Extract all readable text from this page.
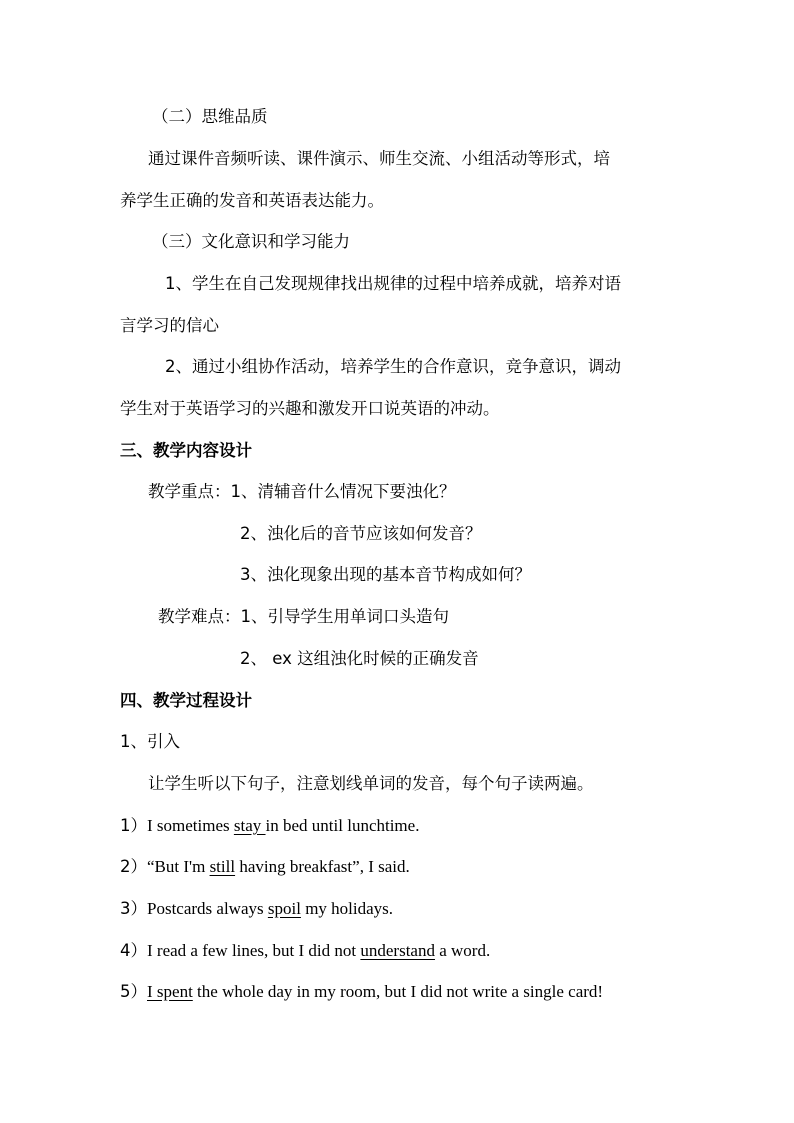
（二）思维品质
通过课件音频听读、课件演示、师生交流、小组活动等形式，培
养学生正确的发音和英语表达能力。
（三）文化意识和学习能力
1、学生在自己发现规律找出规律的过程中培养成就，培养对语
言学习的信心
2、通过小组协作活动，培养学生的合作意识，竞争意识，调动
学生对于英语学习的兴趣和激发开口说英语的冲动。
三、教学内容设计
教学重点：1、清辅音什么情况下要浊化？
2、浊化后的音节应该如何发音？
3、浊化现象出现的基本音节构成如何？
教学难点：1、引导学生用单词口头造句
2、 ex 这组浊化时候的正确发音
四、教学过程设计
1、引入
让学生听以下句子，注意划线单词的发音，每个句子读两遍。
1）I sometimes stay in bed until lunchtime.
2）“But I'm still having breakfast”, I said.
3）Postcards always spoil my holidays.
4）I read a few lines, but I did not understand a word.
5）I spent the whole day in my room, but I did not write a single card!
